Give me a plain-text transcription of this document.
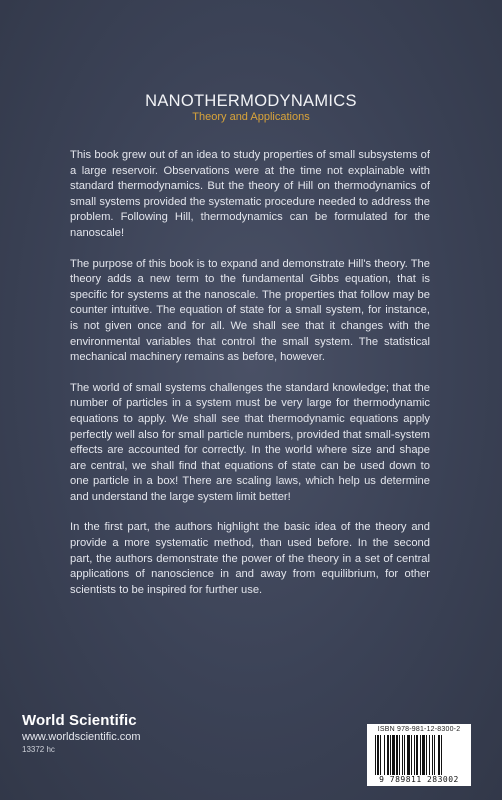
NANOTHERMODYNAMICS
Theory and Applications

This book grew out of an idea to study properties of small subsystems of a large reservoir. Observations were at the time not explainable with standard thermodynamics. But the theory of Hill on thermodynamics of small systems provided the systematic procedure needed to address the problem. Following Hill, thermodynamics can be formulated for the nanoscale!

The purpose of this book is to expand and demonstrate Hill's theory. The theory adds a new term to the fundamental Gibbs equation, that is specific for systems at the nanoscale. The properties that follow may be counter intuitive. The equation of state for a small system, for instance, is not given once and for all. We shall see that it changes with the environmental variables that control the small system. The statistical mechanical machinery remains as before, however.

The world of small systems challenges the standard knowledge; that the number of particles in a system must be very large for thermodynamic equations to apply. We shall see that thermodynamic equations apply perfectly well also for small particle numbers, provided that small-system effects are accounted for correctly. In the world where size and shape are central, we shall find that equations of state can be used down to one particle in a box! There are scaling laws, which help us determine and understand the large system limit better!

In the first part, the authors highlight the basic idea of the theory and provide a more systematic method, than used before. In the second part, the authors demonstrate the power of the theory in a set of central applications of nanoscience in and away from equilibrium, for other scientists to be inspired for further use.

World Scientific
www.worldscientific.com
13372 hc
ISBN 978-981-12-8300-2
9 789811 283002
